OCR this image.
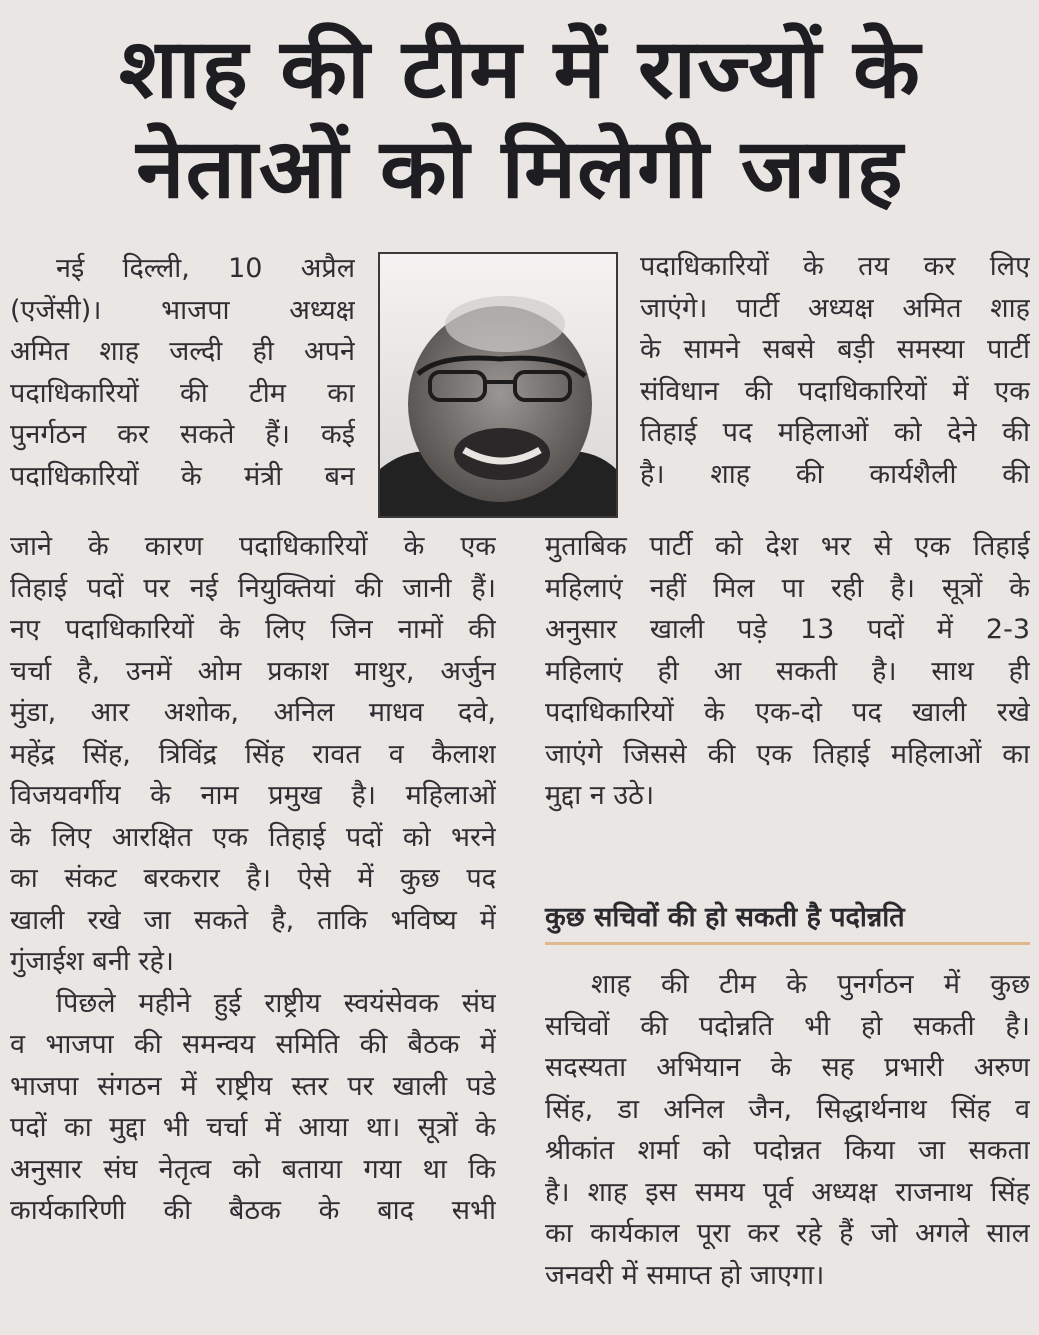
शाह की टीम में राज्यों के
नेताओं को मिलेगी जगह
नई दिल्ली, 10 अप्रैल
(एजेंसी)। भाजपा अध्यक्ष
अमित शाह जल्दी ही अपने
पदाधिकारियों की टीम का
पुनर्गठन कर सकते हैं। कई
पदाधिकारियों के मंत्री बन
पदाधिकारियों के तय कर लिए
जाएंगे। पार्टी अध्यक्ष अमित शाह
के सामने सबसे बड़ी समस्या पार्टी
संविधान की पदाधिकारियों में एक
तिहाई पद महिलाओं को देने की
है। शाह की कार्यशैली की
जाने के कारण पदाधिकारियों के एक
तिहाई पदों पर नई नियुक्तियां की जानी हैं।
नए पदाधिकारियों के लिए जिन नामों की
चर्चा है, उनमें ओम प्रकाश माथुर, अर्जुन
मुंडा, आर अशोक, अनिल माधव दवे,
महेंद्र सिंह, त्रिविंद्र सिंह रावत व कैलाश
विजयवर्गीय के नाम प्रमुख है। महिलाओं
के लिए आरक्षित एक तिहाई पदों को भरने
का संकट बरकरार है। ऐसे में कुछ पद
खाली रखे जा सकते है, ताकि भविष्य में
गुंजाईश बनी रहे।
पिछले महीने हुई राष्ट्रीय स्वयंसेवक संघ
व भाजपा की समन्वय समिति की बैठक में
भाजपा संगठन में राष्ट्रीय स्तर पर खाली पडे
पदों का मुद्दा भी चर्चा में आया था। सूत्रों के
अनुसार संघ नेतृत्व को बताया गया था कि
कार्यकारिणी की बैठक के बाद सभी
मुताबिक पार्टी को देश भर से एक तिहाई
महिलाएं नहीं मिल पा रही है। सूत्रों के
अनुसार खाली पड़े 13 पदों में 2-3
महिलाएं ही आ सकती है। साथ ही
पदाधिकारियों के एक-दो पद खाली रखे
जाएंगे जिससे की एक तिहाई महिलाओं का
मुद्दा न उठे।
कुछ सचिवों की हो सकती है पदोन्नति
शाह की टीम के पुनर्गठन में कुछ
सचिवों की पदोन्नति भी हो सकती है।
सदस्यता अभियान के सह प्रभारी अरुण
सिंह, डा अनिल जैन, सिद्धार्थनाथ सिंह व
श्रीकांत शर्मा को पदोन्नत किया जा सकता
है। शाह इस समय पूर्व अध्यक्ष राजनाथ सिंह
का कार्यकाल पूरा कर रहे हैं जो अगले साल
जनवरी में समाप्त हो जाएगा।
